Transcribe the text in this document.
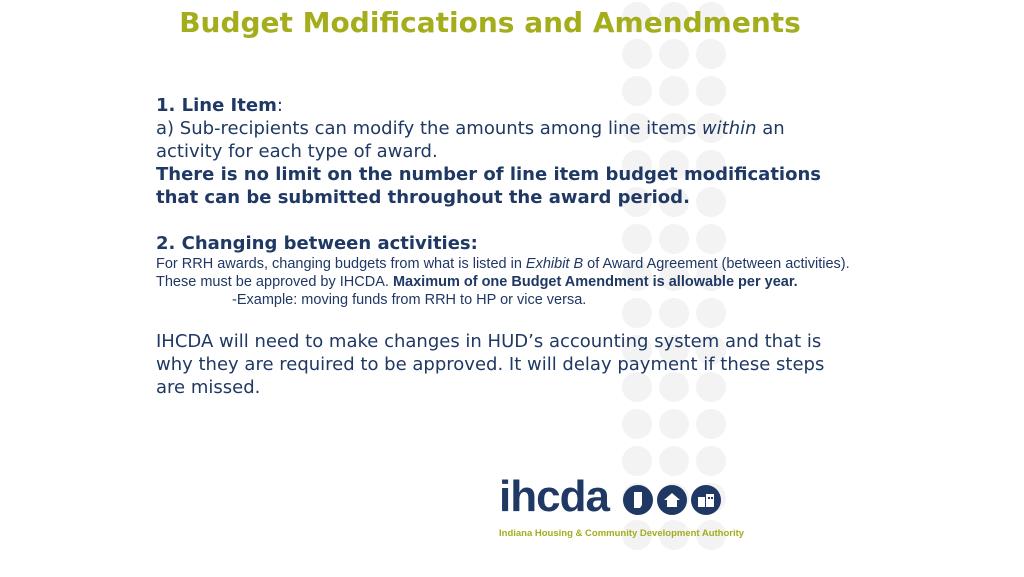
Budget Modifications and Amendments

1. Line Item:

a) Sub-recipients can modify the amounts among line items within an activity for each type of award.

There is no limit on the number of line item budget modifications that can be submitted throughout the award period.

2. Changing between activities:

For RRH awards, changing budgets from what is listed in Exhibit B of Award Agreement (between activities). These must be approved by IHCDA. Maximum of one Budget Amendment is allowable per year.

-Example: moving funds from RRH to HP or vice versa.

IHCDA will need to make changes in HUD’s accounting system and that is why they are required to be approved. It will delay payment if these steps are missed.

ihcda
Indiana Housing & Community Development Authority
